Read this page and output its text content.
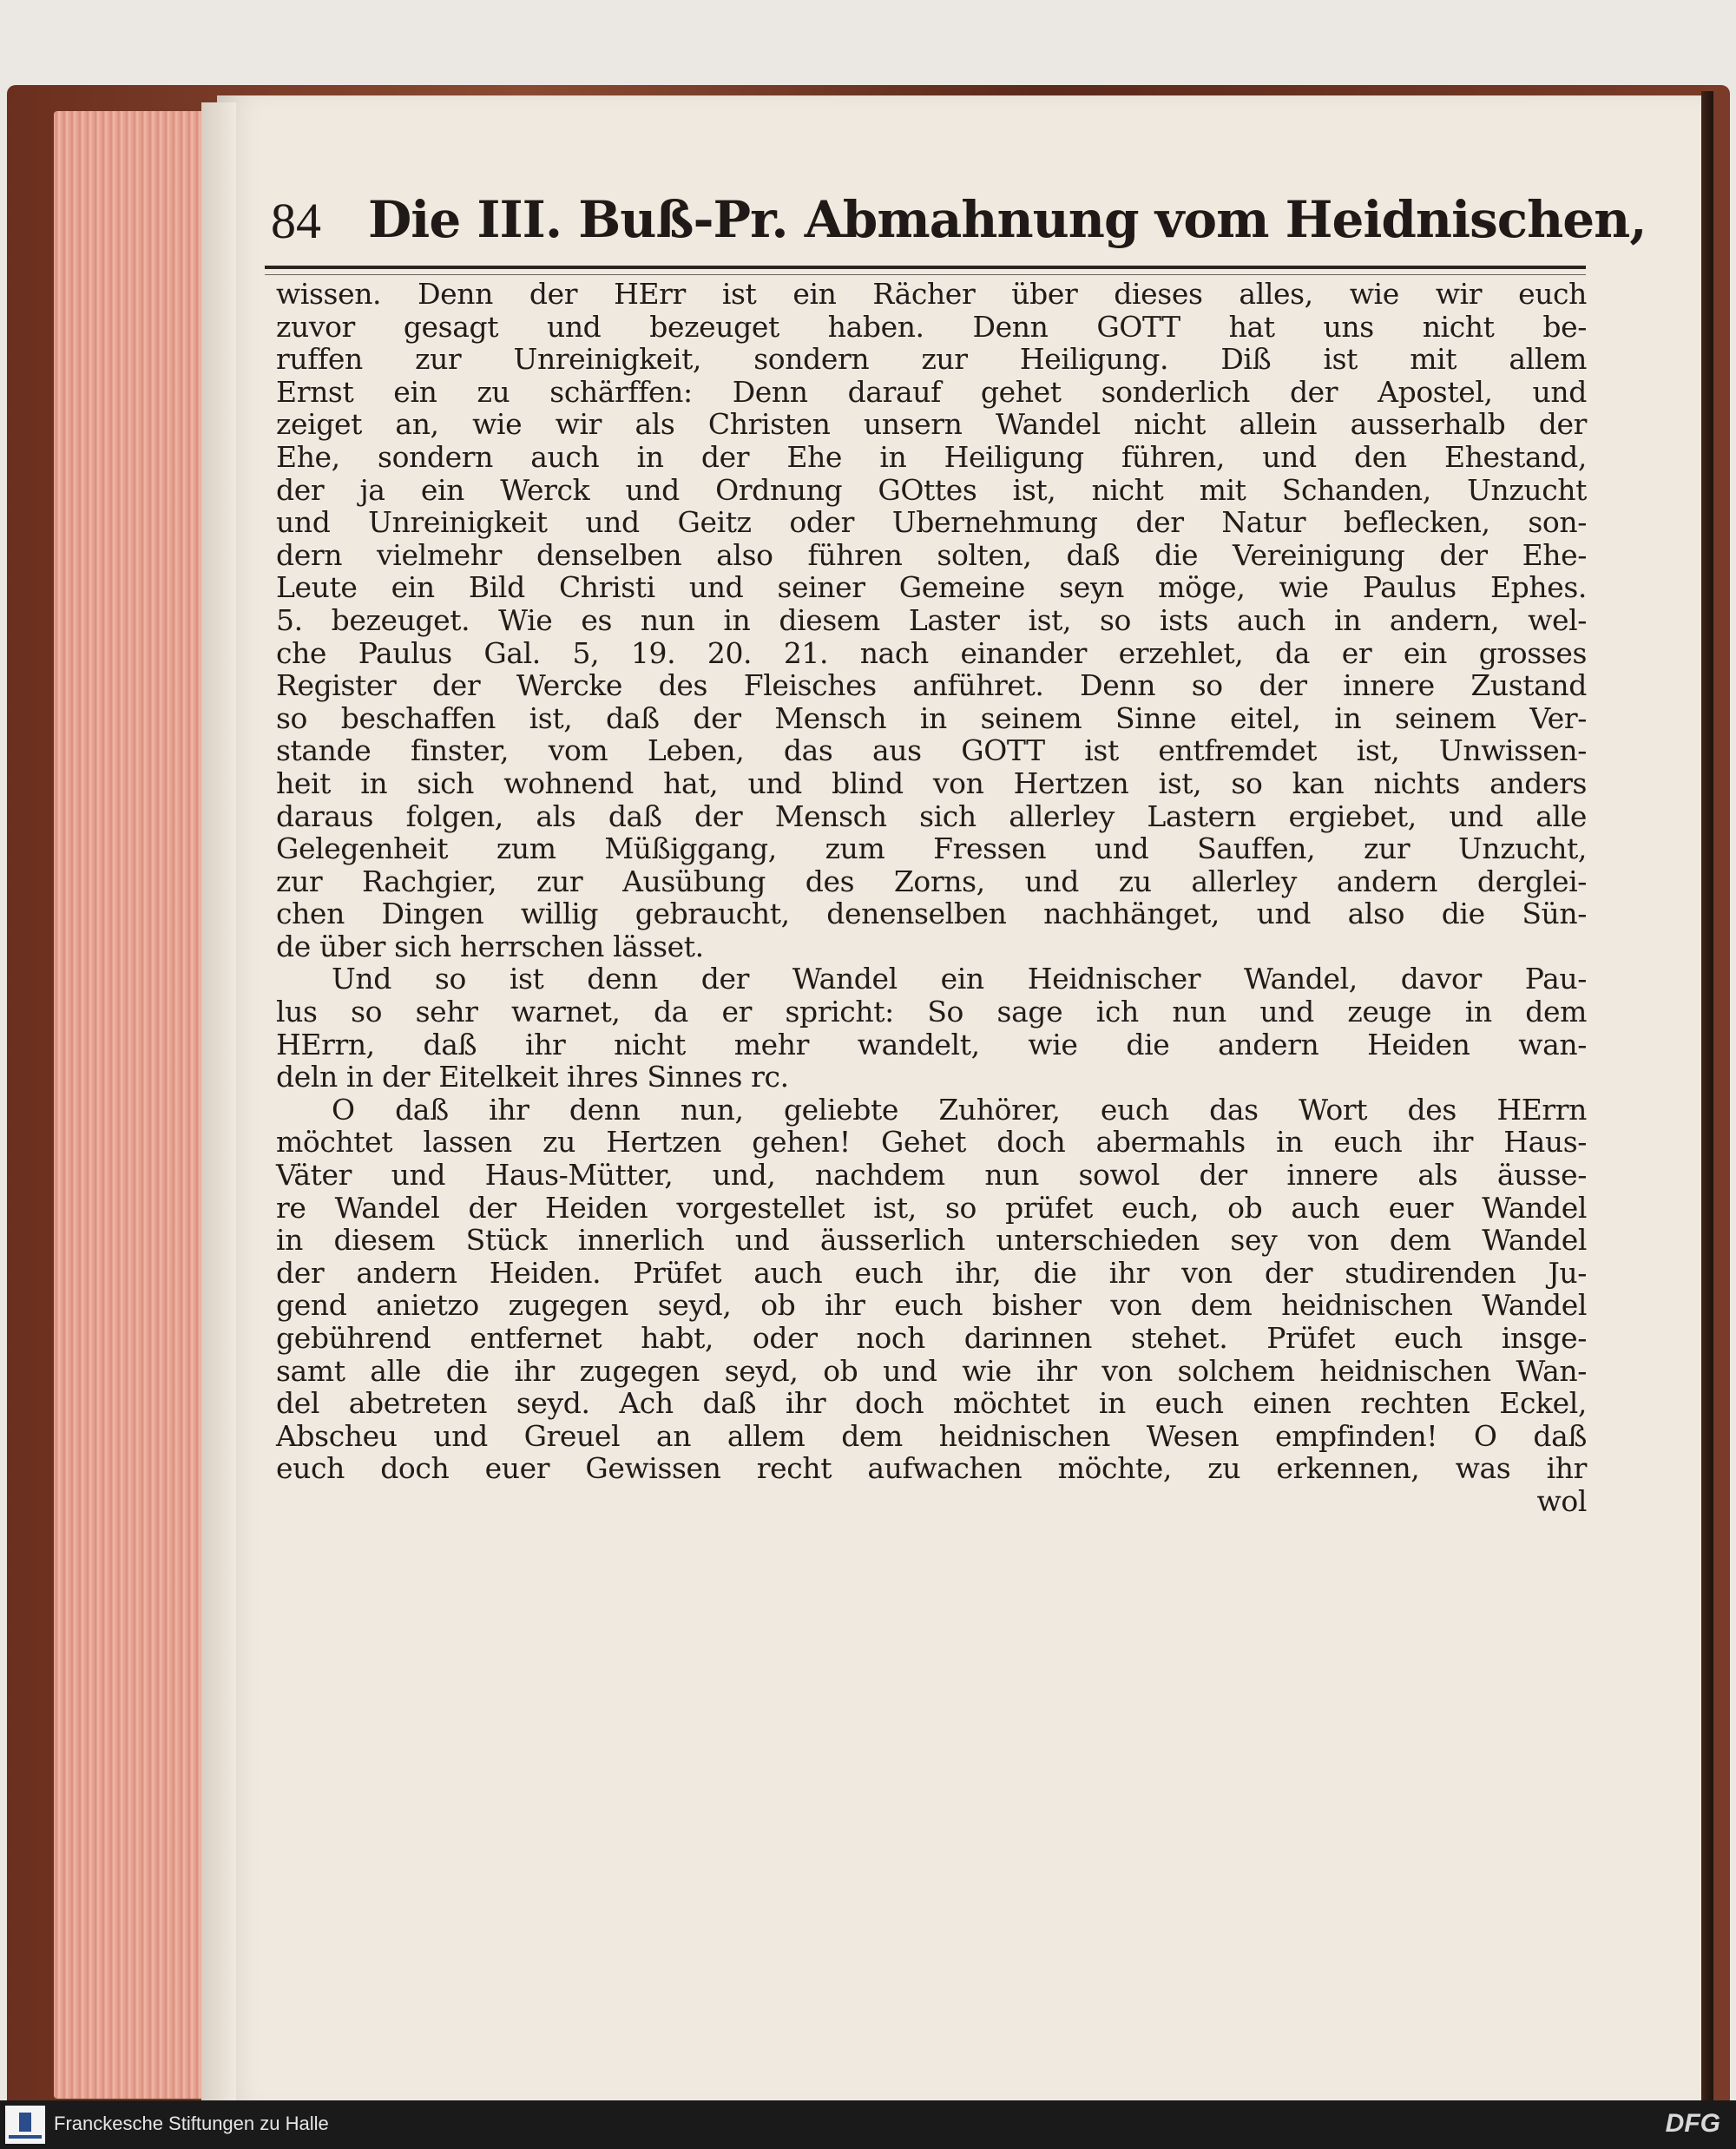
84 Die III. Buß-Pr. Abmahnung vom Heidnischen,
wissen. Denn der HErr ist ein Rächer über dieses alles, wie wir euch
zuvor gesagt und bezeuget haben. Denn GOTT hat uns nicht be-
ruffen zur Unreinigkeit, sondern zur Heiligung. Diß ist mit allem
Ernst ein zu schärffen: Denn darauf gehet sonderlich der Apostel, und
zeiget an, wie wir als Christen unsern Wandel nicht allein ausserhalb der
Ehe, sondern auch in der Ehe in Heiligung führen, und den Ehestand,
der ja ein Werck und Ordnung GOttes ist, nicht mit Schanden, Unzucht
und Unreinigkeit und Geitz oder Ubernehmung der Natur beflecken, son-
dern vielmehr denselben also führen solten, daß die Vereinigung der Ehe-
Leute ein Bild Christi und seiner Gemeine seyn möge, wie Paulus Ephes.
5. bezeuget. Wie es nun in diesem Laster ist, so ists auch in andern, wel-
che Paulus Gal. 5, 19. 20. 21. nach einander erzehlet, da er ein grosses
Register der Wercke des Fleisches anführet. Denn so der innere Zustand
so beschaffen ist, daß der Mensch in seinem Sinne eitel, in seinem Ver-
stande finster, vom Leben, das aus GOTT ist entfremdet ist, Unwissen-
heit in sich wohnend hat, und blind von Hertzen ist, so kan nichts anders
daraus folgen, als daß der Mensch sich allerley Lastern ergiebet, und alle
Gelegenheit zum Müßiggang, zum Fressen und Sauffen, zur Unzucht,
zur Rachgier, zur Ausübung des Zorns, und zu allerley andern derglei-
chen Dingen willig gebraucht, denenselben nachhänget, und also die Sün-
de über sich herrschen lässet.
Und so ist denn der Wandel ein Heidnischer Wandel, davor Pau-
lus so sehr warnet, da er spricht: So sage ich nun und zeuge in dem
HErrn, daß ihr nicht mehr wandelt, wie die andern Heiden wan-
deln in der Eitelkeit ihres Sinnes rc.
O daß ihr denn nun, geliebte Zuhörer, euch das Wort des HErrn
möchtet lassen zu Hertzen gehen! Gehet doch abermahls in euch ihr Haus-
Väter und Haus-Mütter, und, nachdem nun sowol der innere als äusse-
re Wandel der Heiden vorgestellet ist, so prüfet euch, ob auch euer Wandel
in diesem Stück innerlich und äusserlich unterschieden sey von dem Wandel
der andern Heiden. Prüfet auch euch ihr, die ihr von der studirenden Ju-
gend anietzo zugegen seyd, ob ihr euch bisher von dem heidnischen Wandel
gebührend entfernet habt, oder noch darinnen stehet. Prüfet euch insge-
samt alle die ihr zugegen seyd, ob und wie ihr von solchem heidnischen Wan-
del abetreten seyd. Ach daß ihr doch möchtet in euch einen rechten Eckel,
Abscheu und Greuel an allem dem heidnischen Wesen empfinden! O daß
euch doch euer Gewissen recht aufwachen möchte, zu erkennen, was ihr
wol
Franckesche Stiftungen zu Halle	DFG
